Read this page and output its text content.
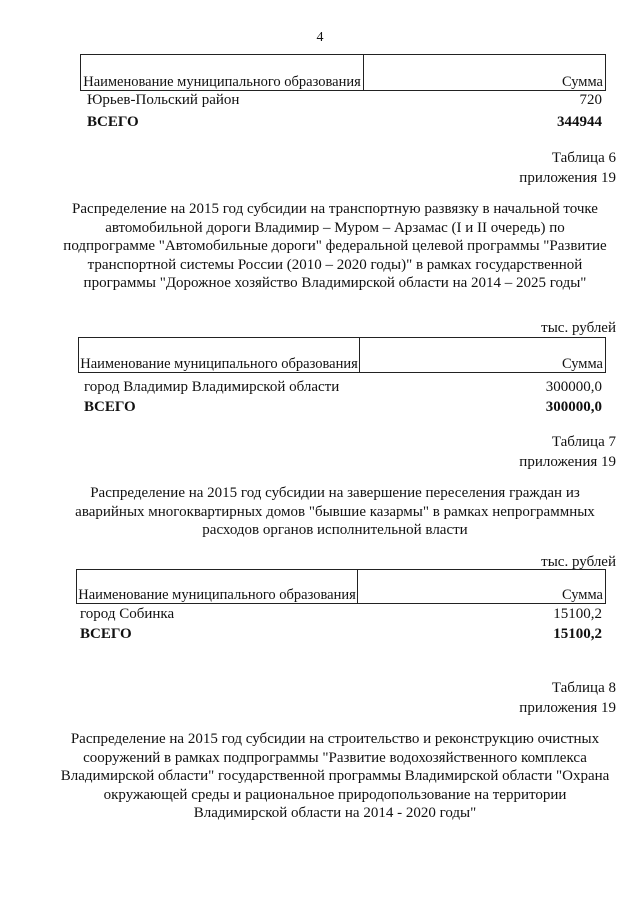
4
Наименование муниципального образования	Сумма
Юрьев-Польский район	720
ВСЕГО	344944
Таблица 6
приложения 19
Распределение на 2015 год субсидии на транспортную развязку в начальной точке автомобильной дороги Владимир – Муром – Арзамас (I и II очередь) по подпрограмме "Автомобильные дороги" федеральной целевой программы "Развитие транспортной системы России (2010 – 2020 годы)" в рамках государственной программы "Дорожное хозяйство Владимирской области на 2014 – 2025 годы"
тыс. рублей
Наименование муниципального образования	Сумма
город Владимир Владимирской области	300000,0
ВСЕГО	300000,0
Таблица 7
приложения 19
Распределение на 2015 год субсидии на завершение переселения граждан из аварийных многоквартирных домов "бывшие казармы" в рамках непрограммных расходов органов исполнительной власти
тыс. рублей
Наименование муниципального образования	Сумма
город Собинка	15100,2
ВСЕГО	15100,2
Таблица 8
приложения 19
Распределение на 2015 год субсидии на строительство и реконструкцию очистных сооружений в рамках подпрограммы "Развитие водохозяйственного комплекса Владимирской области" государственной программы Владимирской области "Охрана окружающей среды и рациональное природопользование на территории Владимирской области на 2014 - 2020 годы"
